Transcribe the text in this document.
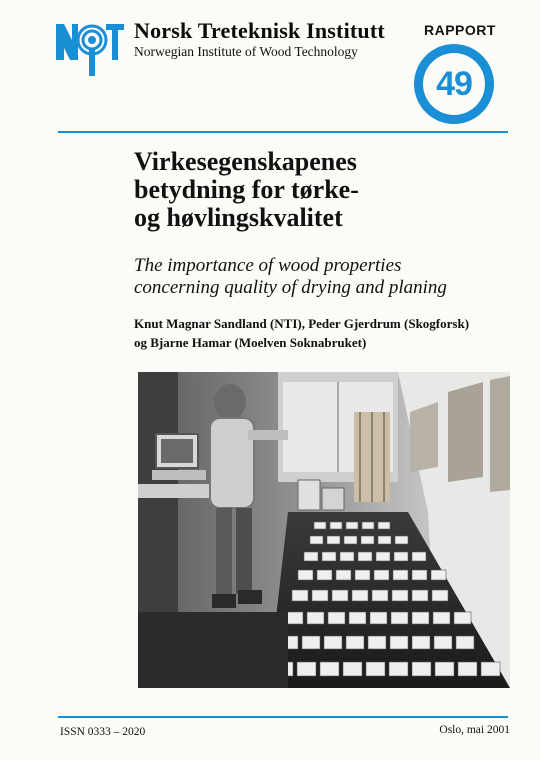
Norsk Treteknisk Institutt
Norwegian Institute of Wood Technology
RAPPORT
49
Virkesegenskapenes
betydning for tørke-
og høvlingskvalitet
The importance of wood properties
concerning quality of drying and planing
Knut Magnar Sandland (NTI), Peder Gjerdrum (Skogforsk)
og Bjarne Hamar (Moelven Soknabruket)
ISSN 0333 – 2020	Oslo, mai 2001
